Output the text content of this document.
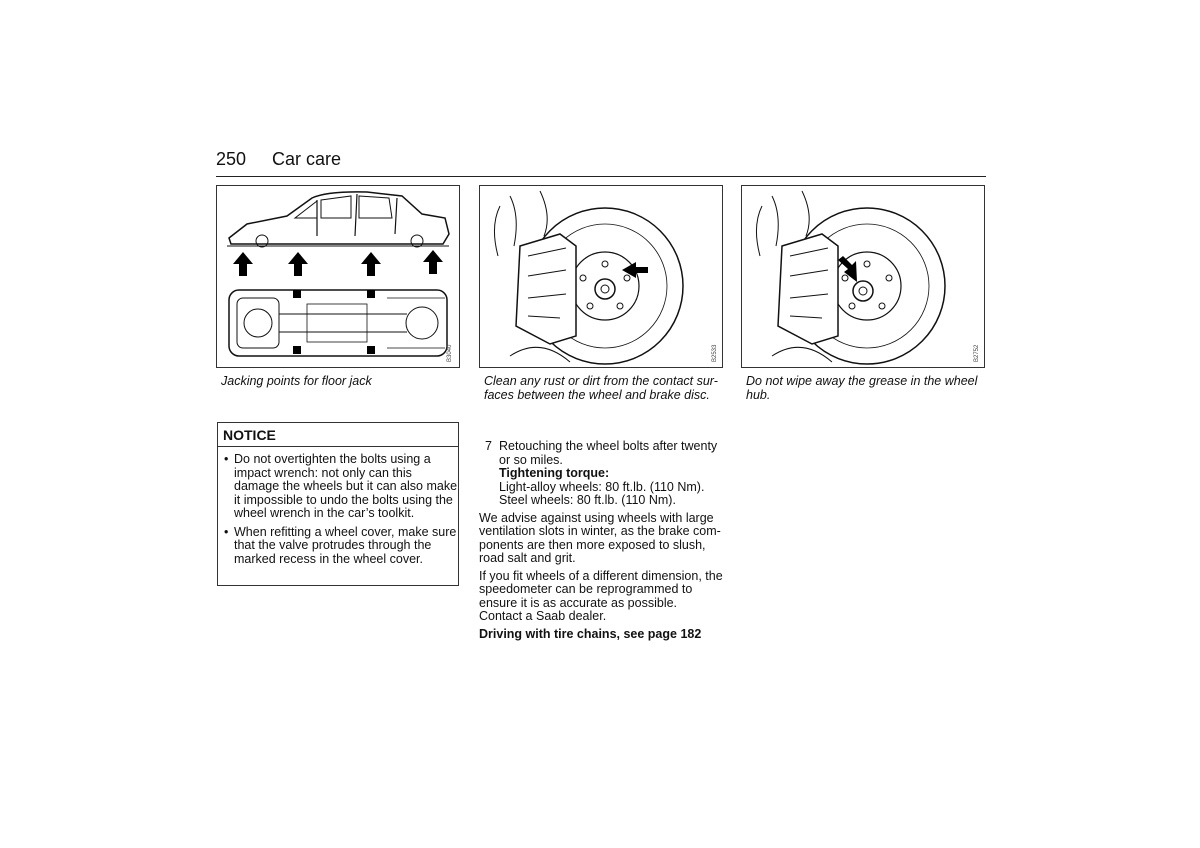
250 Car care
B3040
Jacking points for floor jack
B2533
Clean any rust or dirt from the contact sur-faces between the wheel and brake disc.
B2752
Do not wipe away the grease in the wheel hub.
NOTICE
• Do not overtighten the bolts using a impact wrench: not only can this damage the wheels but it can also make it impossible to undo the bolts using the wheel wrench in the car’s toolkit.
• When refitting a wheel cover, make sure that the valve protrudes through the marked recess in the wheel cover.
7 Retouching the wheel bolts after twenty or so miles.
Tightening torque:
Light-alloy wheels: 80 ft.lb. (110 Nm).
Steel wheels: 80 ft.lb. (110 Nm).
We advise against using wheels with large ventilation slots in winter, as the brake com-ponents are then more exposed to slush, road salt and grit.
If you fit wheels of a different dimension, the speedometer can be reprogrammed to ensure it is as accurate as possible. Contact a Saab dealer.
Driving with tire chains, see page 182
